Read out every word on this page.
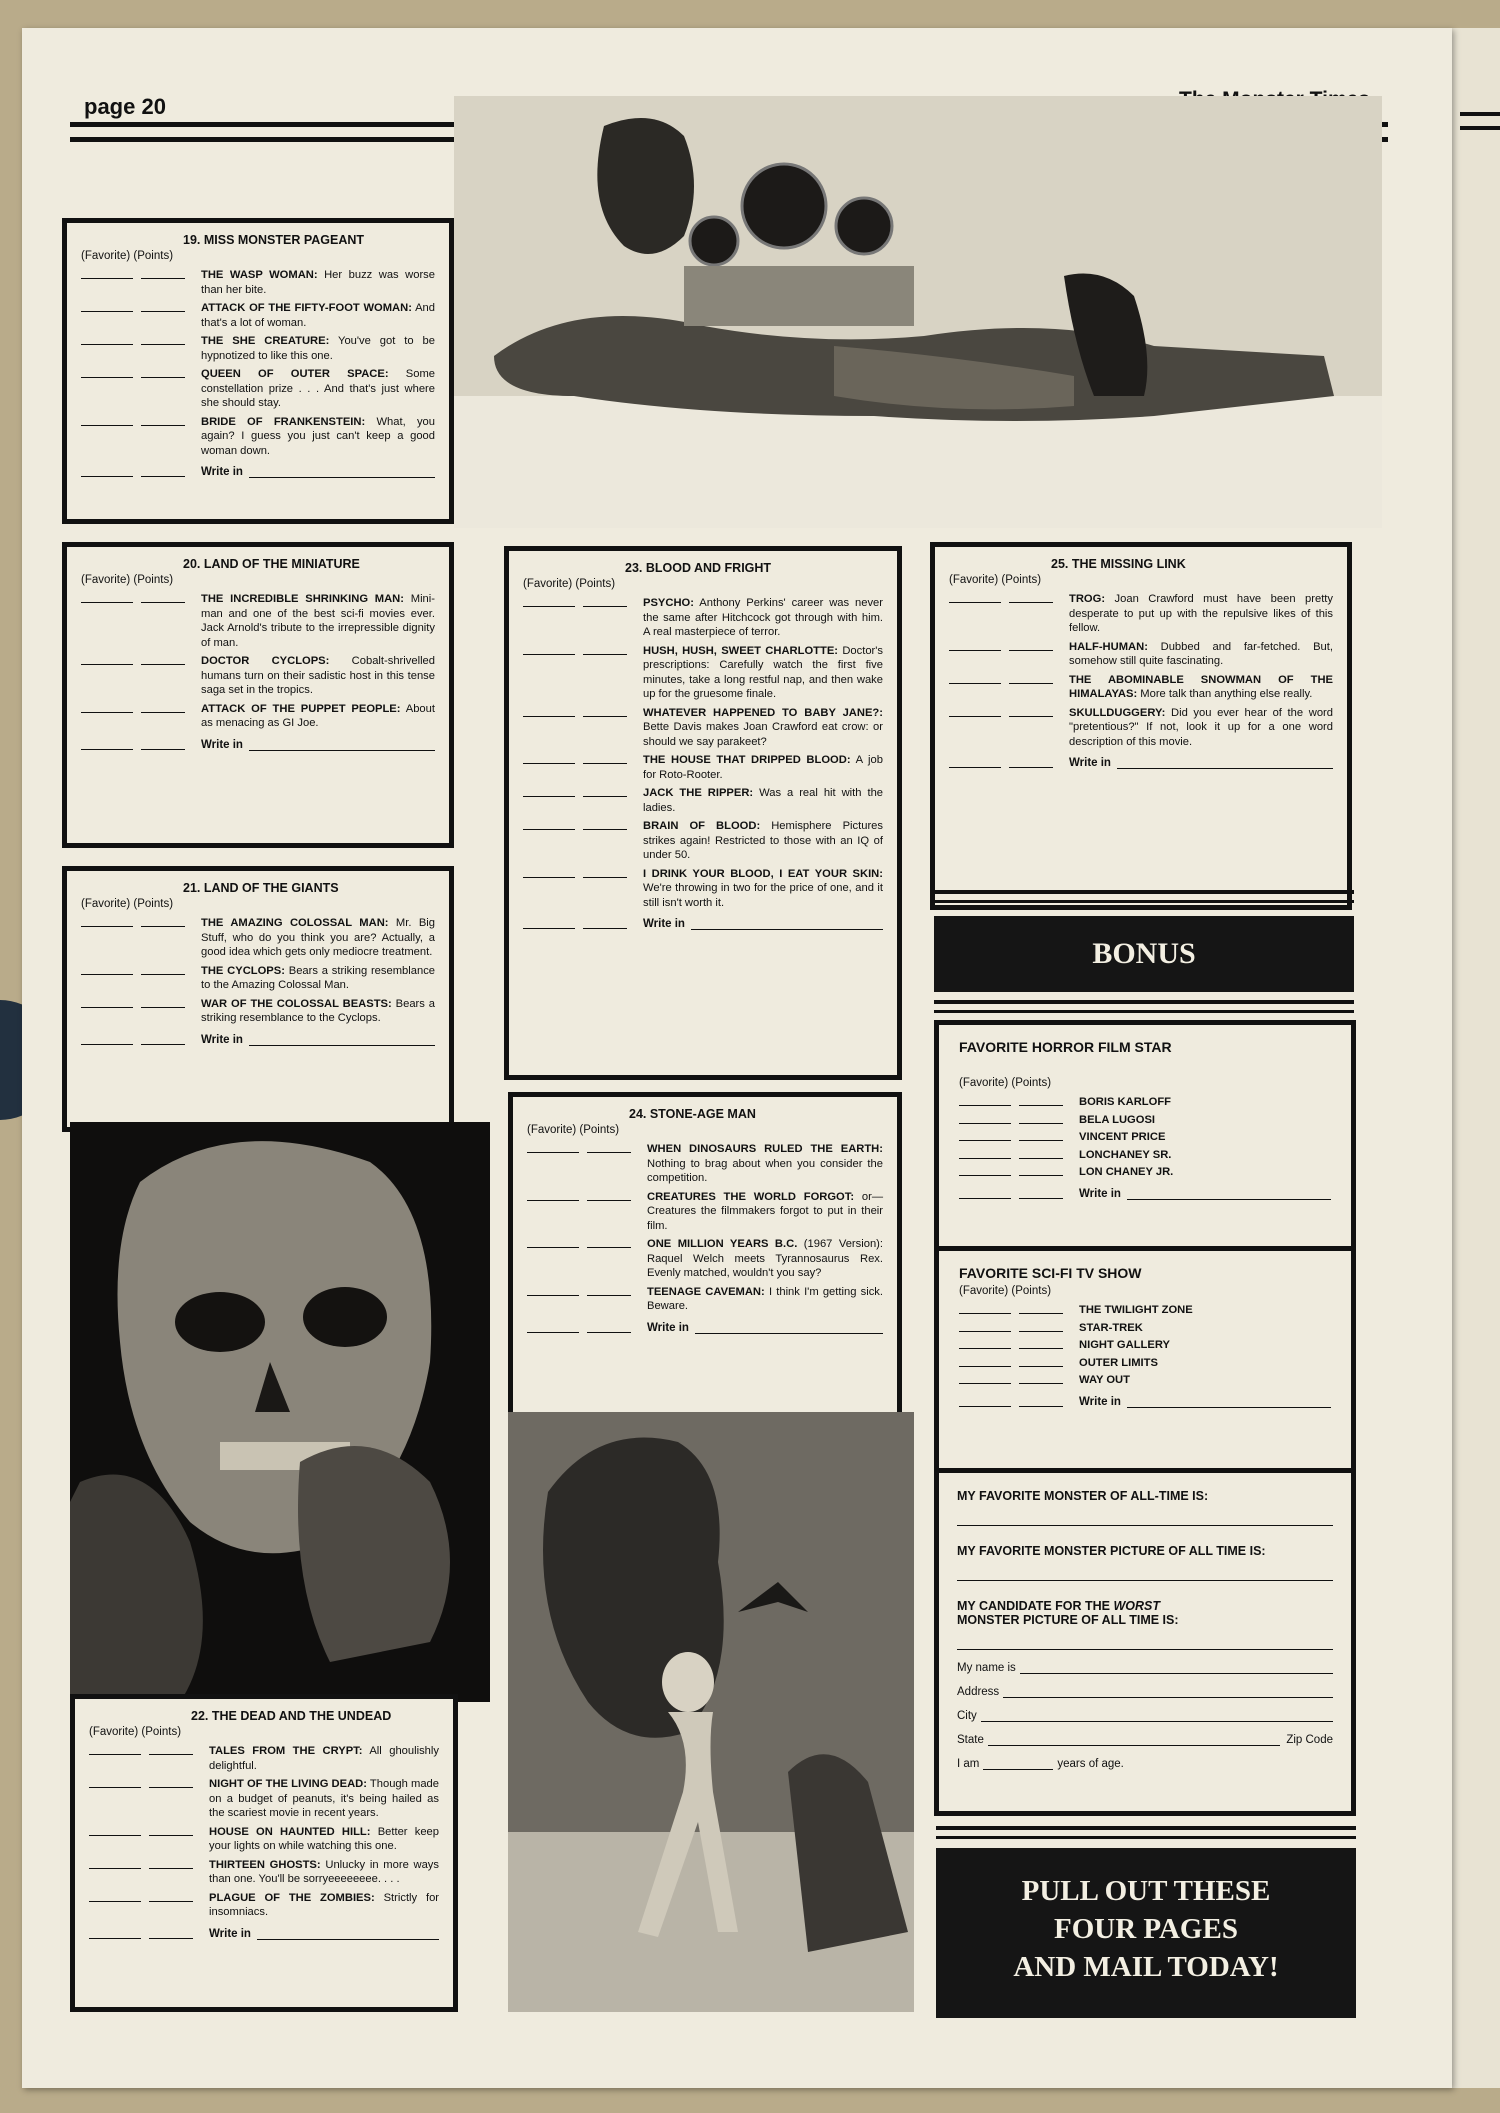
page 20
19. MISS MONSTER PAGEANT
(Favorite) (Points)
THE WASP WOMAN: Her buzz was worse than her bite.
ATTACK OF THE FIFTY-FOOT WOMAN: And that's a lot of woman.
THE SHE CREATURE: You've got to be hypnotized to like this one.
QUEEN OF OUTER SPACE: Some constellation prize . . . And that's just where she should stay.
BRIDE OF FRANKENSTEIN: What, you again? I guess you just can't keep a good woman down.
Write in
20. LAND OF THE MINIATURE
(Favorite) (Points)
THE INCREDIBLE SHRINKING MAN: Mini-man and one of the best sci-fi movies ever. Jack Arnold's tribute to the irrepressible dignity of man.
DOCTOR CYCLOPS: Cobalt-shrivelled humans turn on their sadistic host in this tense saga set in the tropics.
ATTACK OF THE PUPPET PEOPLE: About as menacing as GI Joe.
Write in
21. LAND OF THE GIANTS
(Favorite) (Points)
THE AMAZING COLOSSAL MAN: Mr. Big Stuff, who do you think you are? Actually, a good idea which gets only mediocre treatment.
THE CYCLOPS: Bears a striking resemblance to the Amazing Colossal Man.
WAR OF THE COLOSSAL BEASTS: Bears a striking resemblance to the Cyclops.
Write in
22. THE DEAD AND THE UNDEAD
(Favorite) (Points)
TALES FROM THE CRYPT: All ghoulishly delightful.
NIGHT OF THE LIVING DEAD: Though made on a budget of peanuts, it's being hailed as the scariest movie in recent years.
HOUSE ON HAUNTED HILL: Better keep your lights on while watching this one.
THIRTEEN GHOSTS: Unlucky in more ways than one. You'll be sorryeeeeeeee. . . .
PLAGUE OF THE ZOMBIES: Strictly for insomniacs.
Write in
23. BLOOD AND FRIGHT
(Favorite) (Points)
PSYCHO: Anthony Perkins' career was never the same after Hitchcock got through with him. A real masterpiece of terror.
HUSH, HUSH, SWEET CHARLOTTE: Doctor's prescriptions: Carefully watch the first five minutes, take a long restful nap, and then wake up for the gruesome finale.
WHATEVER HAPPENED TO BABY JANE?: Bette Davis makes Joan Crawford eat crow: or should we say parakeet?
THE HOUSE THAT DRIPPED BLOOD: A job for Roto-Rooter.
JACK THE RIPPER: Was a real hit with the ladies.
BRAIN OF BLOOD: Hemisphere Pictures strikes again! Restricted to those with an IQ of under 50.
I DRINK YOUR BLOOD, I EAT YOUR SKIN: We're throwing in two for the price of one, and it still isn't worth it.
Write in
24. STONE-AGE MAN
(Favorite) (Points)
WHEN DINOSAURS RULED THE EARTH: Nothing to brag about when you consider the competition.
CREATURES THE WORLD FORGOT: or—Creatures the filmmakers forgot to put in their film.
ONE MILLION YEARS B.C. (1967 Version): Raquel Welch meets Tyrannosaurus Rex. Evenly matched, wouldn't you say?
TEENAGE CAVEMAN: I think I'm getting sick. Beware.
Write in
25. THE MISSING LINK
(Favorite) (Points)
TROG: Joan Crawford must have been pretty desperate to put up with the repulsive likes of this fellow.
HALF-HUMAN: Dubbed and far-fetched. But, somehow still quite fascinating.
THE ABOMINABLE SNOWMAN OF THE HIMALAYAS: More talk than anything else really.
SKULLDUGGERY: Did you ever hear of the word "pretentious?" If not, look it up for a one word description of this movie.
Write in
BONUS
FAVORITE HORROR FILM STAR
(Favorite) (Points)
BORIS KARLOFF
BELA LUGOSI
VINCENT PRICE
LONCHANEY SR.
LON CHANEY JR.
Write in
FAVORITE SCI-FI TV SHOW
(Favorite) (Points)
THE TWILIGHT ZONE
STAR-TREK
NIGHT GALLERY
OUTER LIMITS
WAY OUT
Write in
MY FAVORITE MONSTER OF ALL-TIME IS:
MY FAVORITE MONSTER PICTURE OF ALL TIME IS:
MY CANDIDATE FOR THE WORST
MONSTER PICTURE OF ALL TIME IS:
My name is
Address
City
State	Zip Code
I am	years of age.
PULL OUT THESE
FOUR PAGES
AND MAIL TODAY!
